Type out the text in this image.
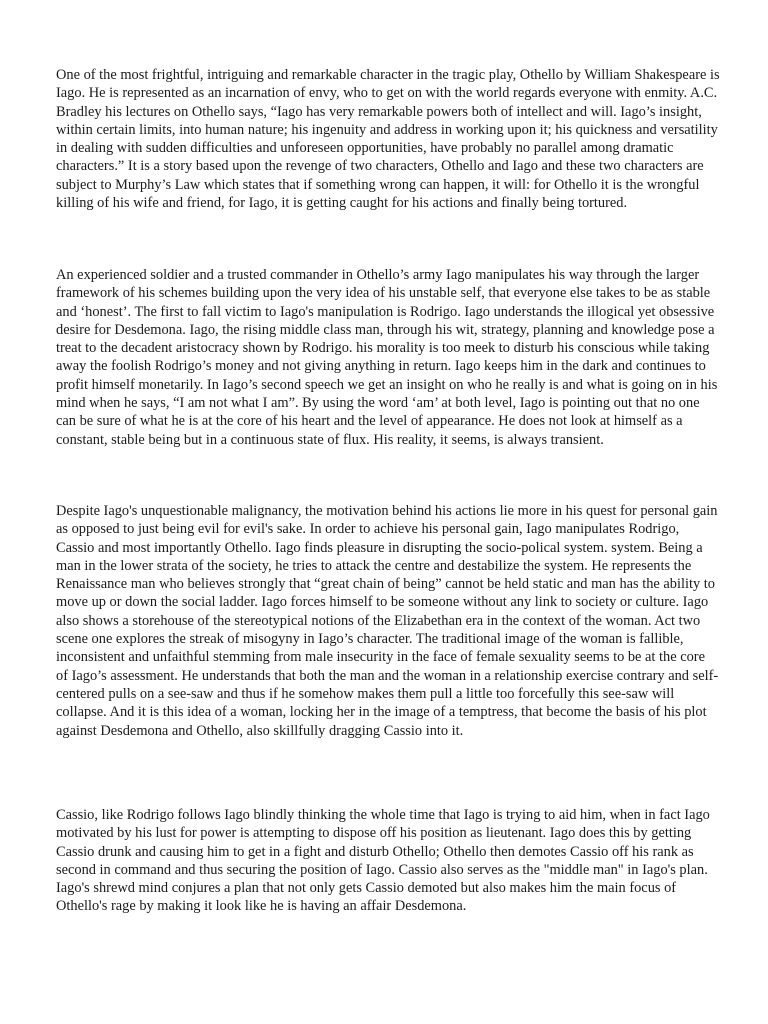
One of the most frightful, intriguing and remarkable character in the tragic play, Othello by William Shakespeare is Iago. He is represented as an incarnation of envy, who to get on with the world regards everyone with enmity. A.C. Bradley his lectures on Othello says, “Iago has very remarkable powers both of intellect and will. Iago’s insight, within certain limits, into human nature; his ingenuity and address in working upon it; his quickness and versatility in dealing with sudden difficulties and unforeseen opportunities, have probably no parallel among dramatic characters.” It is a story based upon the revenge of two characters, Othello and Iago and these two characters are subject to Murphy’s Law which states that if something wrong can happen, it will: for Othello it is the wrongful killing of his wife and friend, for Iago, it is getting caught for his actions and finally being tortured.

An experienced soldier and a trusted commander in Othello’s army Iago manipulates his way through the larger framework of his schemes building upon the very idea of his unstable self, that everyone else takes to be as stable and ‘honest’. The first to fall victim to Iago's manipulation is Rodrigo. Iago understands the illogical yet obsessive desire for Desdemona. Iago, the rising middle class man, through his wit, strategy, planning and knowledge pose a treat to the decadent aristocracy shown by Rodrigo. his morality is too meek to disturb his conscious while taking away the foolish Rodrigo’s money and not giving anything in return. Iago keeps him in the dark and continues to profit himself monetarily. In Iago’s second speech we get an insight on who he really is and what is going on in his mind when he says, “I am not what I am”. By using the word ‘am’ at both level, Iago is pointing out that no one can be sure of what he is at the core of his heart and the level of appearance. He does not look at himself as a constant, stable being but in a continuous state of flux. His reality, it seems, is always transient.

Despite Iago's unquestionable malignancy, the motivation behind his actions lie more in his quest for personal gain as opposed to just being evil for evil's sake. In order to achieve his personal gain, Iago manipulates Rodrigo, Cassio and most importantly Othello. Iago finds pleasure in disrupting the socio-polical system. system. Being a man in the lower strata of the society, he tries to attack the centre and destabilize the system. He represents the Renaissance man who believes strongly that “great chain of being” cannot be held static and man has the ability to move up or down the social ladder. Iago forces himself to be someone without any link to society or culture. Iago also shows a storehouse of the stereotypical notions of the Elizabethan era in the context of the woman. Act two scene one explores the streak of misogyny in Iago’s character. The traditional image of the woman is fallible, inconsistent and unfaithful stemming from male insecurity in the face of female sexuality seems to be at the core of Iago’s assessment. He understands that both the man and the woman in a relationship exercise contrary and self-centered pulls on a see-saw and thus if he somehow makes them pull a little too forcefully this see-saw will collapse. And it is this idea of a woman, locking her in the image of a temptress, that become the basis of his plot against Desdemona and Othello, also skillfully dragging Cassio into it.

Cassio, like Rodrigo follows Iago blindly thinking the whole time that Iago is trying to aid him, when in fact Iago motivated by his lust for power is attempting to dispose off his position as lieutenant. Iago does this by getting Cassio drunk and causing him to get in a fight and disturb Othello; Othello then demotes Cassio off his rank as second in command and thus securing the position of Iago. Cassio also serves as the "middle man" in Iago's plan. Iago's shrewd mind conjures a plan that not only gets Cassio demoted but also makes him the main focus of Othello's rage by making it look like he is having an affair Desdemona.
